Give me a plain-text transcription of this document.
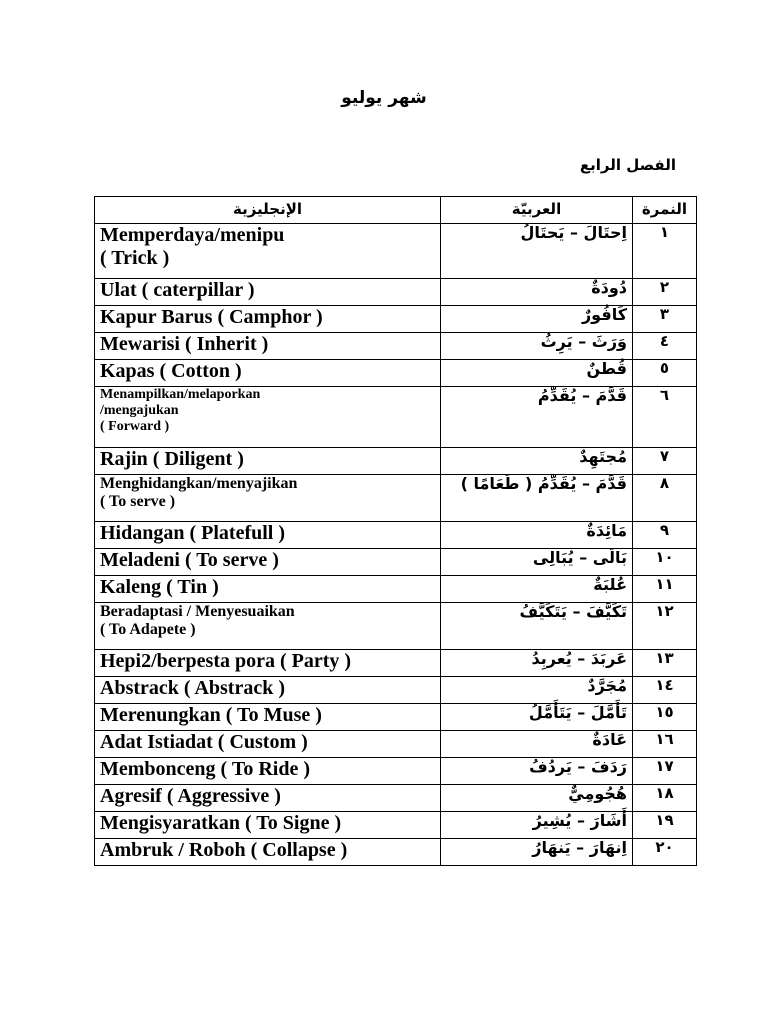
شهر يوليو
الفصل الرابع
الإنجليزية	العربيّة	النمرة
Memperdaya/menipu
( Trick )	اِحتَالَ – يَحتَالُ	١
Ulat ( caterpillar )	دُودَةٌ	٢
Kapur Barus ( Camphor )	كَافُورٌ	٣
Mewarisi ( Inherit )	وَرَثَ – يَرِثُ	٤
Kapas ( Cotton )	قُطنٌ	٥
Menampilkan/melaporkan
/mengajukan
( Forward )	قَدَّمَ – يُقَدِّمُ	٦
Rajin ( Diligent )	مُجتَهِدٌ	٧
Menghidangkan/menyajikan
( To serve )	قَدَّمَ – يُقَدِّمُ ( طَعَامًا )	٨
Hidangan ( Platefull )	مَائِدَةٌ	٩
Meladeni ( To serve )	بَالَى – يُبَالِى	١٠
Kaleng ( Tin )	عُلبَةٌ	١١
Beradaptasi / Menyesuaikan
( To Adapete )	تَكَيَّفَ – يَتَكَيَّفُ	١٢
Hepi2/berpesta pora ( Party )	عَربَدَ – يُعربِدُ	١٣
Abstrack ( Abstrack )	مُجَرَّدٌ	١٤
Merenungkan ( To Muse )	تَأَمَّلَ – يَتَأَمَّلُ	١٥
Adat Istiadat ( Custom )	عَادَةٌ	١٦
Membonceng ( To Ride )	رَدَفَ – يَردُفُ	١٧
Agresif ( Aggressive )	هُجُومِيٌّ	١٨
Mengisyaratkan ( To Signe )	أَشَارَ – يُشِيرُ	١٩
Ambruk / Roboh ( Collapse )	اِنهَارَ – يَنهَارُ	٢٠
